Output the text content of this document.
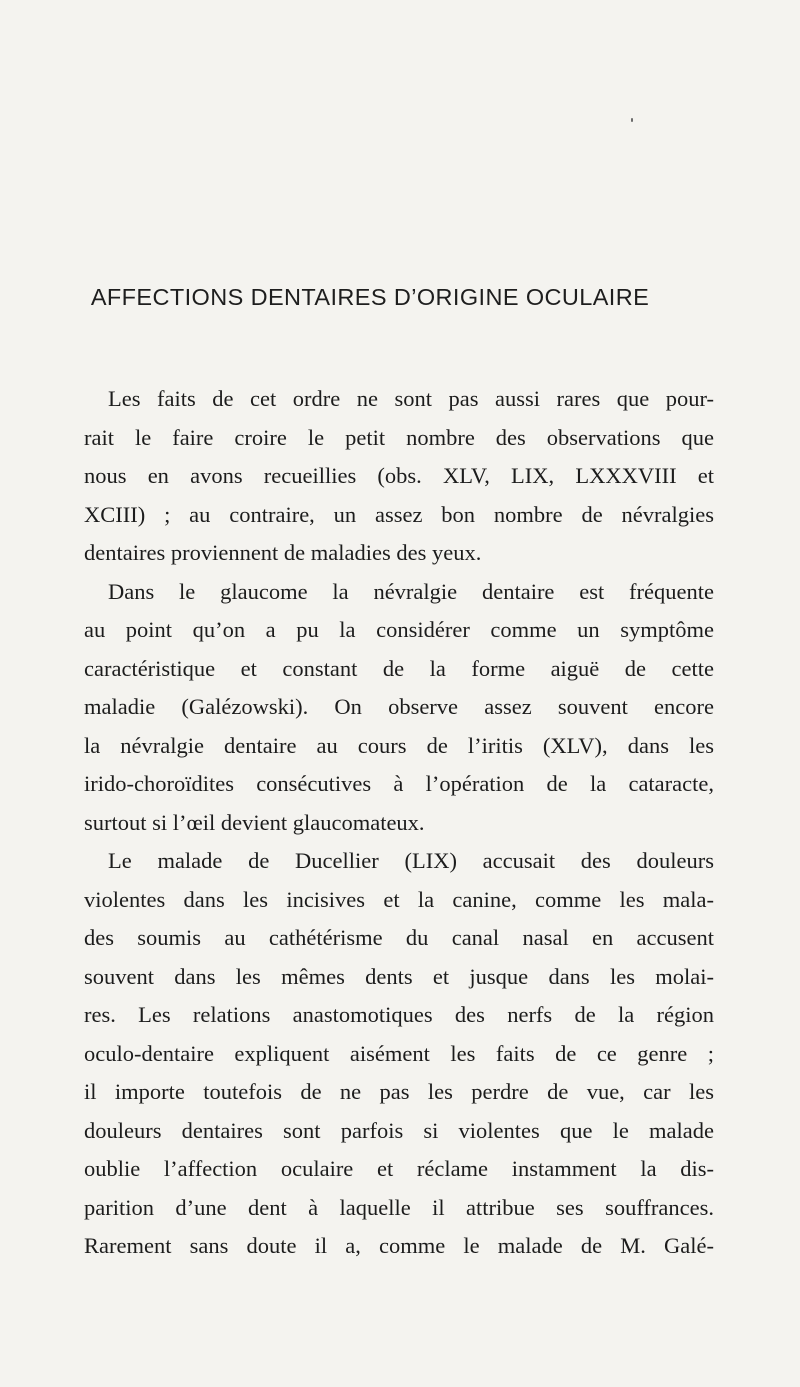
AFFECTIONS DENTAIRES D’ORIGINE OCULAIRE
Les faits de cet ordre ne sont pas aussi rares que pour-
rait le faire croire le petit nombre des observations que
nous en avons recueillies (obs. XLV, LIX, LXXXVIII et
XCIII) ; au contraire, un assez bon nombre de névralgies
dentaires proviennent de maladies des yeux.
Dans le glaucome la névralgie dentaire est fréquente
au point qu’on a pu la considérer comme un symptôme
caractéristique et constant de la forme aiguë de cette
maladie (Galézowski). On observe assez souvent encore
la névralgie dentaire au cours de l’iritis (XLV), dans les
irido-choroïdites consécutives à l’opération de la cataracte,
surtout si l’œil devient glaucomateux.
Le malade de Ducellier (LIX) accusait des douleurs
violentes dans les incisives et la canine, comme les mala-
des soumis au cathétérisme du canal nasal en accusent
souvent dans les mêmes dents et jusque dans les molai-
res. Les relations anastomotiques des nerfs de la région
oculo-dentaire expliquent aisément les faits de ce genre ;
il importe toutefois de ne pas les perdre de vue, car les
douleurs dentaires sont parfois si violentes que le malade
oublie l’affection oculaire et réclame instamment la dis-
parition d’une dent à laquelle il attribue ses souffrances.
Rarement sans doute il a, comme le malade de M. Galé-
